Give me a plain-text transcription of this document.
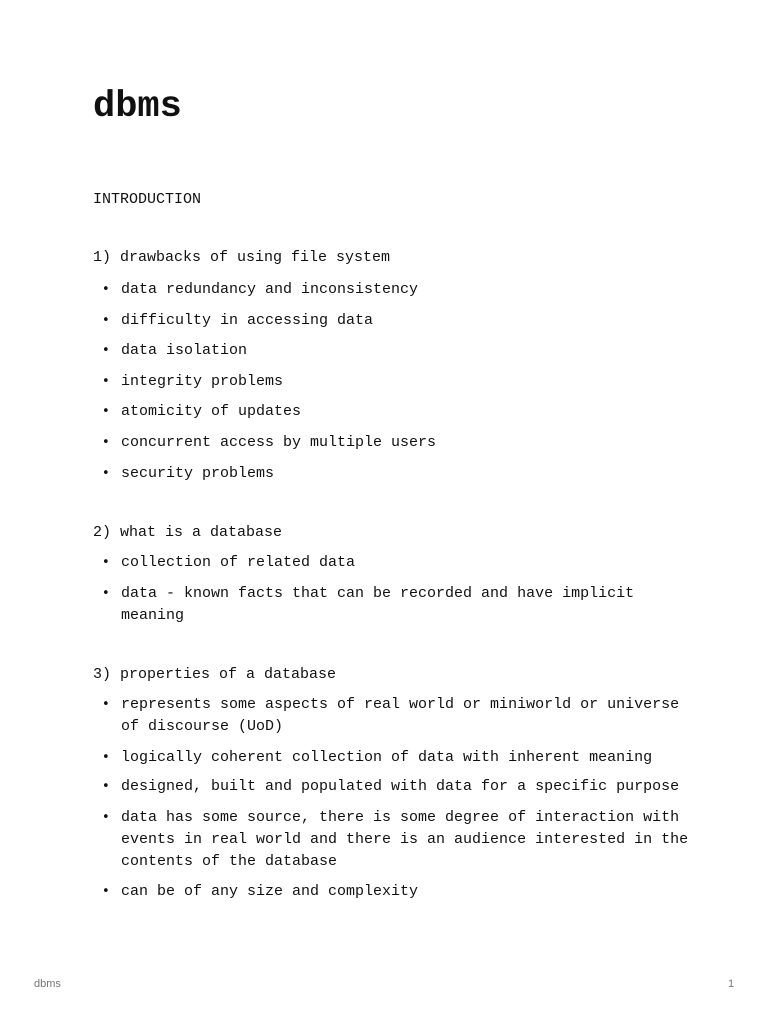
dbms

INTRODUCTION

1) drawbacks of using file system

• data redundancy and inconsistency
• difficulty in accessing data
• data isolation
• integrity problems
• atomicity of updates
• concurrent access by multiple users
• security problems

2) what is a database

• collection of related data
• data - known facts that can be recorded and have implicit meaning

3) properties of a database

• represents some aspects of real world or miniworld or universe of discourse (UoD)
• logically coherent collection of data with inherent meaning
• designed, built and populated with data for a specific purpose
• data has some source, there is some degree of interaction with events in real world and there is an audience interested in the contents of the database
• can be of any size and complexity
dbms	1
